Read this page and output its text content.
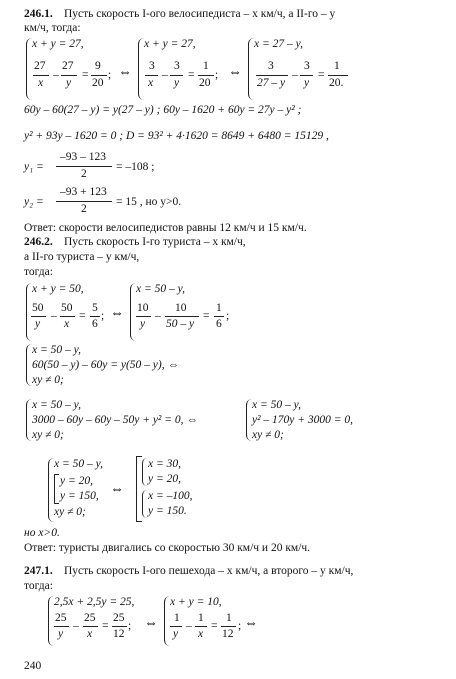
246.1. Пусть скорость I-ого велосипедиста – x км/ч, а II-го – y
км/ч, тогда:
x + y = 27,
27
x
–
27
y
=
9
20
; ⇔
x + y = 27,
3
x
–
3
y
=
1
20
; ⇔
x = 27 – y,
3
27 – y
–
3
y
=
1
20.
60y – 60(27 – y) = y(27 – y) ; 60y – 1620 + 60y = 27y – y² ;
y² + 93y – 1620 = 0 ; D = 93² + 4·1620 = 8649 + 6480 = 15129 ,
y₁ =
–93 – 123
2
= –108 ;
y₂ =
–93 + 123
2
= 15 , но y>0.
Ответ: скорости велосипедистов равны 12 км/ч и 15 км/ч.
246.2. Пусть скорость I-го туриста – x км/ч,
а II-го туриста – y км/ч,
тогда:
x + y = 50,
50
y
–
50
x
=
5
6
; ⇔
x = 50 – y,
10
y
–
10
50 – y
=
1
6
;
x = 50 – y,
60(50 – y) – 60y = y(50 – y), ⇔
xy ≠ 0;
x = 50 – y,
3000 – 60y – 60y – 50y + y² = 0, ⇔
xy ≠ 0;
x = 50 – y,
y² – 170y + 3000 = 0,
xy ≠ 0;
x = 50 – y,
y = 20,
y = 150,
xy ≠ 0;
⇔
x = 30,
y = 20,
x = –100,
y = 150.
но x>0.
Ответ: туристы двигались со скоростью 30 км/ч и 20 км/ч.
247.1. Пусть скорость I-ого пешехода – x км/ч, а второго – y км/ч,
тогда:
2,5x + 2,5y = 25,
25
y
–
25
x
=
25
12
; ⇔
x + y = 10,
1
y
–
1
x
=
1
12
; ⇔
240
